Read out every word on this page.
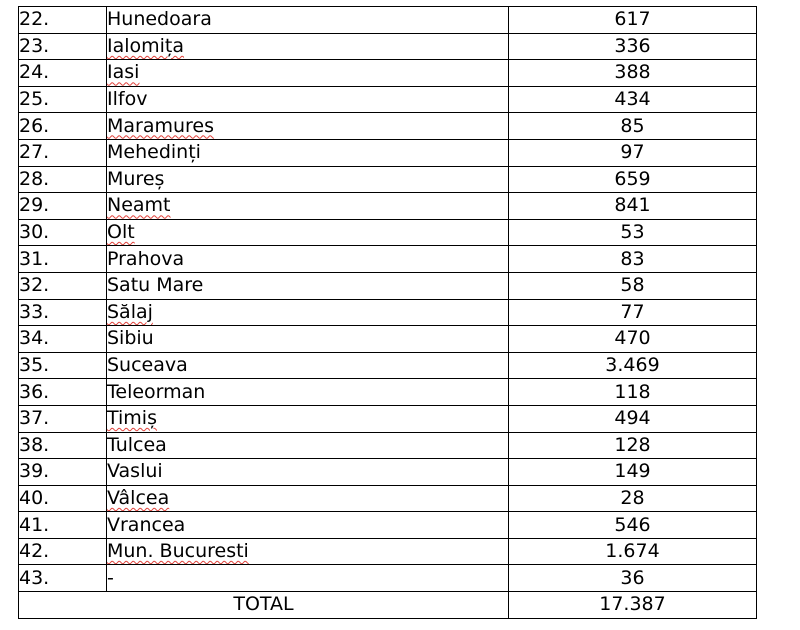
22.	Hunedoara	617
23.	Ialomița	336
24.	Iasi	388
25.	Ilfov	434
26.	Maramures	85
27.	Mehedinți	97
28.	Mureș	659
29.	Neamt	841
30.	Olt	53
31.	Prahova	83
32.	Satu Mare	58
33.	Sălaj	77
34.	Sibiu	470
35.	Suceava	3.469
36.	Teleorman	118
37.	Timiș	494
38.	Tulcea	128
39.	Vaslui	149
40.	Vâlcea	28
41.	Vrancea	546
42.	Mun. Bucuresti	1.674
43.	-	36
TOTAL		17.387
